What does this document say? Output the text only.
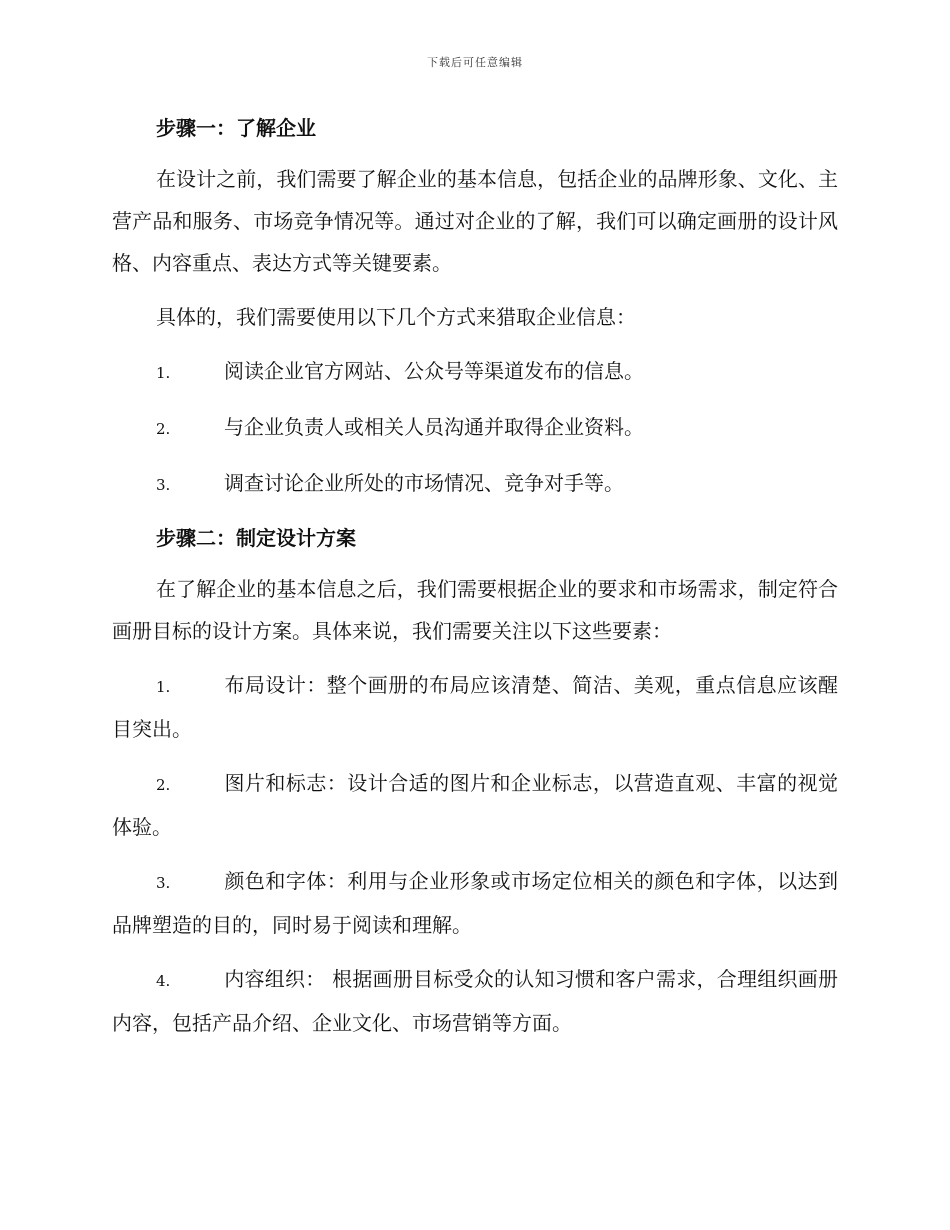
下载后可任意编辑
步骤一：了解企业

在设计之前，我们需要了解企业的基本信息，包括企业的品牌形象、文化、主营产品和服务、市场竞争情况等。通过对企业的了解，我们可以确定画册的设计风格、内容重点、表达方式等关键要素。

具体的，我们需要使用以下几个方式来猎取企业信息：

1.	阅读企业官方网站、公众号等渠道发布的信息。
2.	与企业负责人或相关人员沟通并取得企业资料。
3.	调查讨论企业所处的市场情况、竞争对手等。
步骤二：制定设计方案

在了解企业的基本信息之后，我们需要根据企业的要求和市场需求，制定符合画册目标的设计方案。具体来说，我们需要关注以下这些要素：

1.	布局设计：整个画册的布局应该清楚、简洁、美观，重点信息应该醒目突出。
2.	图片和标志：设计合适的图片和企业标志，以营造直观、丰富的视觉体验。
3.	颜色和字体：利用与企业形象或市场定位相关的颜色和字体，以达到品牌塑造的目的，同时易于阅读和理解。
4.	内容组织： 根据画册目标受众的认知习惯和客户需求，合理组织画册内容，包括产品介绍、企业文化、市场营销等方面。
